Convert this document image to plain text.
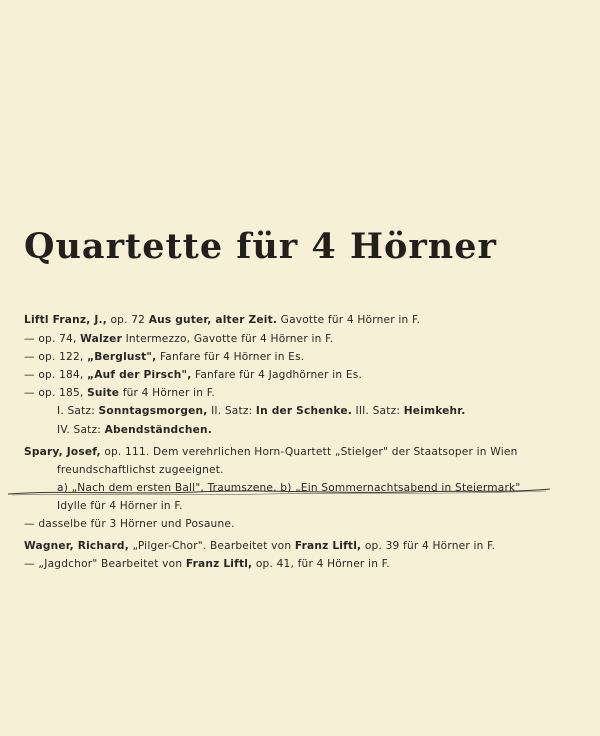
Quartette für 4 Hörner
Liftl Franz, J., op. 72 Aus guter, alter Zeit. Gavotte für 4 Hörner in F.
— op. 74, Walzer Intermezzo, Gavotte für 4 Hörner in F.
— op. 122, „Berglust", Fanfare für 4 Hörner in Es.
— op. 184, „Auf der Pirsch", Fanfare für 4 Jagdhörner in Es.
— op. 185, Suite für 4 Hörner in F.
I. Satz: Sonntagsmorgen, II. Satz: In der Schenke. III. Satz: Heimkehr.
IV. Satz: Abendständchen.
Spary, Josef, op. 111. Dem verehrlichen Horn-Quartett „Stielger" der Staatsoper in Wien
freundschaftlichst zugeeignet.
a) „Nach dem ersten Ball", Traumszene. b) „Ein Sommernachtsabend in Steiermark"
Idylle für 4 Hörner in F.
— dasselbe für 3 Hörner und Posaune.
Wagner, Richard, „Pilger-Chor". Bearbeitet von Franz Liftl, op. 39 für 4 Hörner in F.
— „Jagdchor" Bearbeitet von Franz Liftl, op. 41, für 4 Hörner in F.
